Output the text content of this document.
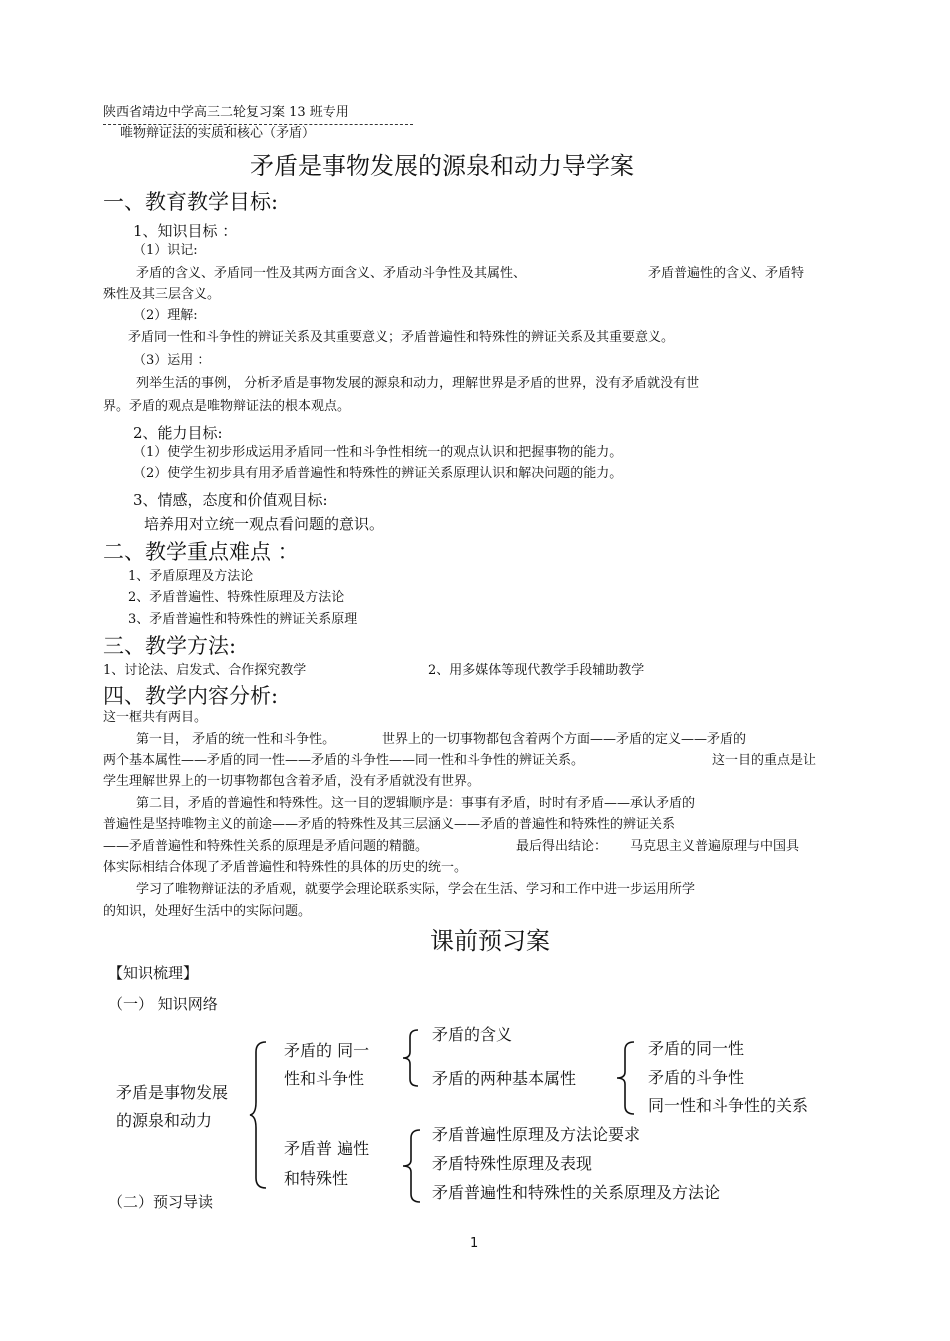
陕西省靖边中学高三二轮复习案 13 班专用
唯物辩证法的实质和核心（矛盾）
矛盾是事物发展的源泉和动力导学案
一、教育教学目标:
1、知识目标 ：
（1）识记:
矛盾的含义、矛盾同一性及其两方面含义、矛盾动斗争性及其属性、	矛盾普遍性的含义、矛盾特
殊性及其三层含义。
（2）理解:
矛盾同一性和斗争性的辨证关系及其重要意义；矛盾普遍性和特殊性的辨证关系及其重要意义。
（3）运用 ：
列举生活的事例， 分析矛盾是事物发展的源泉和动力，理解世界是矛盾的世界，没有矛盾就没有世
界。矛盾的观点是唯物辩证法的根本观点。
2、能力目标:
（1）使学生初步形成运用矛盾同一性和斗争性相统一的观点认识和把握事物的能力。
（2）使学生初步具有用矛盾普遍性和特殊性的辨证关系原理认识和解决问题的能力。
3、情感，态度和价值观目标:
培养用对立统一观点看问题的意识。
二、教学重点难点 ：
1、矛盾原理及方法论
2、矛盾普遍性、特殊性原理及方法论
3、矛盾普遍性和特殊性的辨证关系原理
三、教学方法:
1、讨论法、启发式、合作探究教学	2、用多媒体等现代教学手段辅助教学
四、教学内容分析:
这一框共有两目。
第一目， 矛盾的统一性和斗争性。	世界上的一切事物都包含着两个方面——矛盾的定义——矛盾的
两个基本属性——矛盾的同一性——矛盾的斗争性——同一性和斗争性的辨证关系。	这一目的重点是让
学生理解世界上的一切事物都包含着矛盾，没有矛盾就没有世界。
第二目，矛盾的普遍性和特殊性。这一目的逻辑顺序是：事事有矛盾，时时有矛盾——承认矛盾的
普遍性是坚持唯物主义的前途——矛盾的特殊性及其三层涵义——矛盾的普遍性和特殊性的辨证关系
——矛盾普遍性和特殊性关系的原理是矛盾问题的精髓。	最后得出结论： 马克思主义普遍原理与中国具
体实际相结合体现了矛盾普遍性和特殊性的具体的历史的统一。
学习了唯物辩证法的矛盾观，就要学会理论联系实际，学会在生活、学习和工作中进一步运用所学
的知识，处理好生活中的实际问题。
课前预习案
【知识梳理】
（一） 知识网络
矛盾是事物发展
的源泉和动力
矛盾的 同一
性和斗争性
矛盾的含义
矛盾的两种基本属性
矛盾的同一性
矛盾的斗争性
同一性和斗争性的关系
矛盾普 遍性
和特殊性
矛盾普遍性原理及方法论要求
矛盾特殊性原理及表现
矛盾普遍性和特殊性的关系原理及方法论
（二）预习导读
1
